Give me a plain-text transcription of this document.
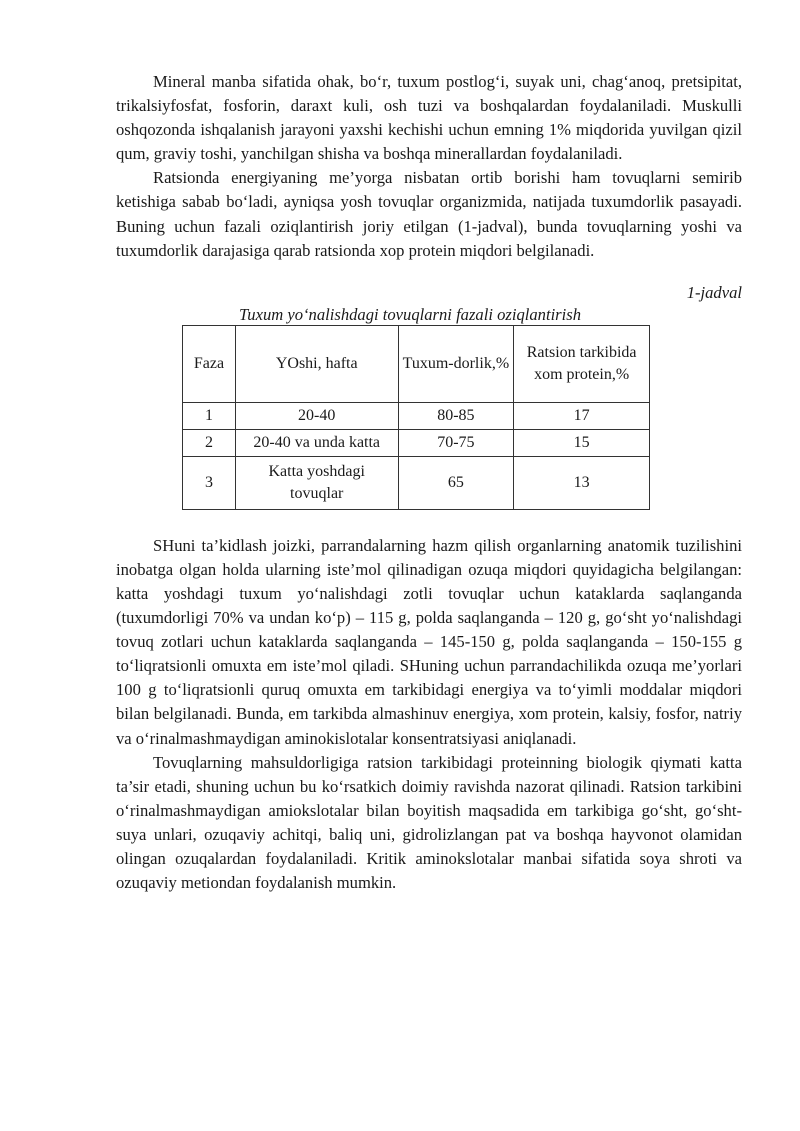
Mineral manba sifatida ohak, boʻr, tuxum postlogʻi, suyak uni, chagʻanoq, pretsipitat, trikalsiyfosfat, fosforin, daraxt kuli, osh tuzi va boshqalardan foydalaniladi. Muskulli oshqozonda ishqalanish jarayoni yaxshi kechishi uchun emning 1% miqdorida yuvilgan qizil qum, graviy toshi, yanchilgan shisha va boshqa minerallardan foydalaniladi.

Ratsionda energiyaning me’yorga nisbatan ortib borishi ham tovuqlarni semirib ketishiga sabab boʻladi, ayniqsa yosh tovuqlar organizmida, natijada tuxumdorlik pasayadi. Buning uchun fazali oziqlantirish joriy etilgan (1-jadval), bunda tovuqlarning yoshi va tuxumdorlik darajasiga qarab ratsionda xop protein miqdori belgilanadi.

1-jadval
Tuxum yoʻnalishdagi tovuqlarni fazali oziqlantirish
Faza	YOshi, hafta	Tuxum-dorlik,%	Ratsion tarkibida xom protein,%
1	20-40	80-85	17
2	20-40 va unda katta	70-75	15
3	Katta yoshdagi tovuqlar	65	13

SHuni ta’kidlash joizki, parrandalarning hazm qilish organlarning anatomik tuzilishini inobatga olgan holda ularning iste’mol qilinadigan ozuqa miqdori quyidagicha belgilangan: katta yoshdagi tuxum yoʻnalishdagi zotli tovuqlar uchun kataklarda saqlanganda (tuxumdorligi 70% va undan koʻp) – 115 g, polda saqlanganda – 120 g, goʻsht yoʻnalishdagi tovuq zotlari uchun kataklarda saqlanganda – 145-150 g, polda saqlanganda – 150-155 g toʻliqratsionli omuxta em iste’mol qiladi. SHuning uchun parrandachilikda ozuqa me’yorlari 100 g toʻliqratsionli quruq omuxta em tarkibidagi energiya va toʻyimli moddalar miqdori bilan belgilanadi. Bunda, em tarkibda almashinuv energiya, xom protein, kalsiy, fosfor, natriy va oʻrinalmashmaydigan aminokislotalar konsentratsiyasi aniqlanadi.

Tovuqlarning mahsuldorligiga ratsion tarkibidagi proteinning biologik qiymati katta ta’sir etadi, shuning uchun bu koʻrsatkich doimiy ravishda nazorat qilinadi. Ratsion tarkibini oʻrinalmashmaydigan amiokslotalar bilan boyitish maqsadida em tarkibiga goʻsht, goʻsht-suya unlari, ozuqaviy achitqi, baliq uni, gidrolizlangan pat va boshqa hayvonot olamidan olingan ozuqalardan foydalaniladi. Kritik aminokslotalar manbai sifatida soya shroti va ozuqaviy metiondan foydalanish mumkin.
